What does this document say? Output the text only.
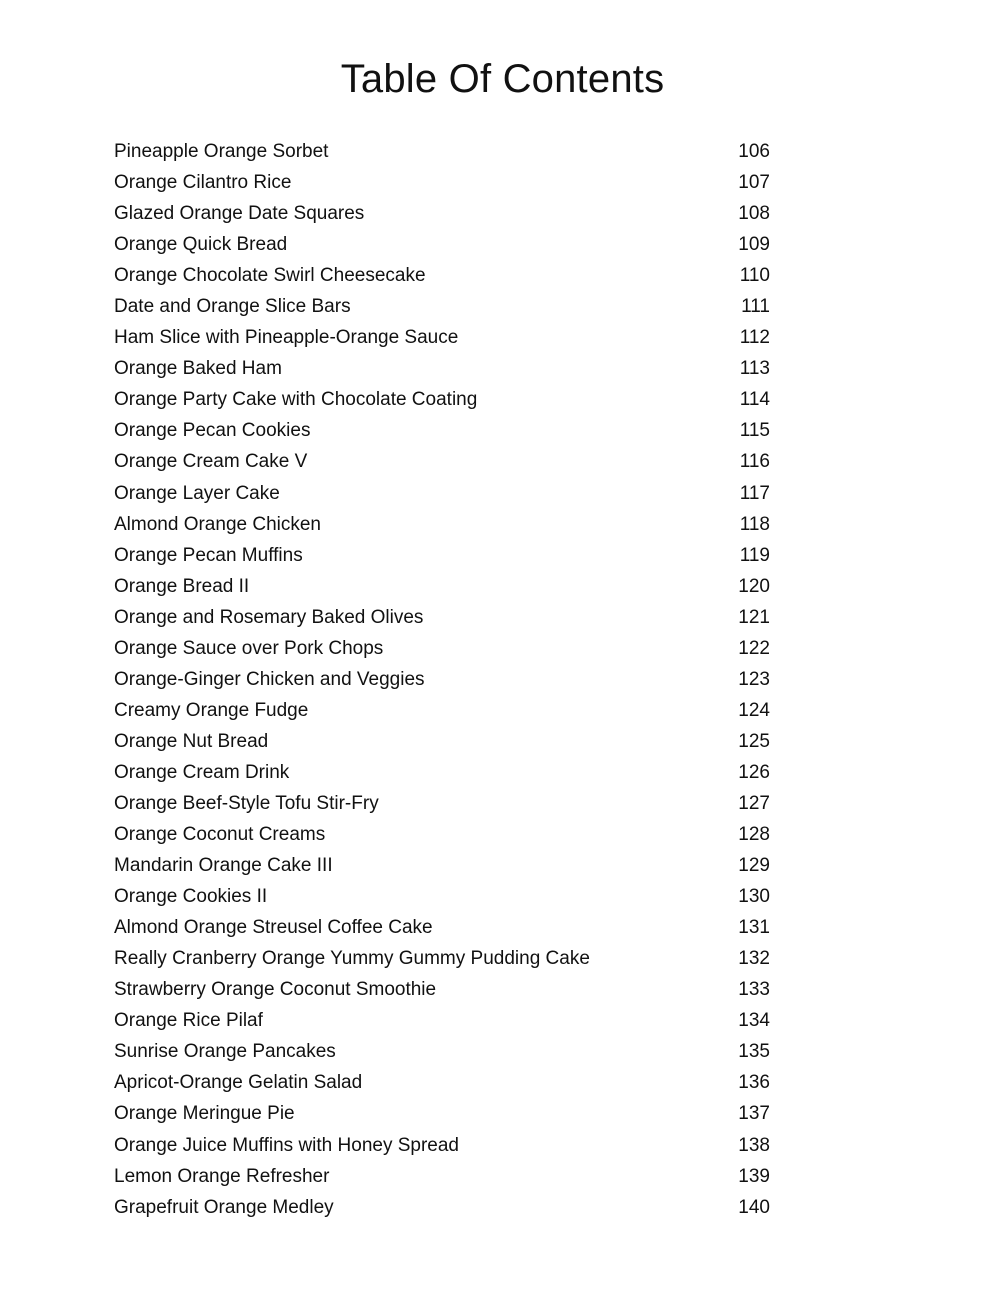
Table Of Contents
Pineapple Orange Sorbet	106
Orange Cilantro Rice	107
Glazed Orange Date Squares	108
Orange Quick Bread	109
Orange Chocolate Swirl Cheesecake	110
Date and Orange Slice Bars	111
Ham Slice with Pineapple-Orange Sauce	112
Orange Baked Ham	113
Orange Party Cake with Chocolate Coating	114
Orange Pecan Cookies	115
Orange Cream Cake V	116
Orange Layer Cake	117
Almond Orange Chicken	118
Orange Pecan Muffins	119
Orange Bread II	120
Orange and Rosemary Baked Olives	121
Orange Sauce over Pork Chops	122
Orange-Ginger Chicken and Veggies	123
Creamy Orange Fudge	124
Orange Nut Bread	125
Orange Cream Drink	126
Orange Beef-Style Tofu Stir-Fry	127
Orange Coconut Creams	128
Mandarin Orange Cake III	129
Orange Cookies II	130
Almond Orange Streusel Coffee Cake	131
Really Cranberry Orange Yummy Gummy Pudding Cake	132
Strawberry Orange Coconut Smoothie	133
Orange Rice Pilaf	134
Sunrise Orange Pancakes	135
Apricot-Orange Gelatin Salad	136
Orange Meringue Pie	137
Orange Juice Muffins with Honey Spread	138
Lemon Orange Refresher	139
Grapefruit Orange Medley	140
